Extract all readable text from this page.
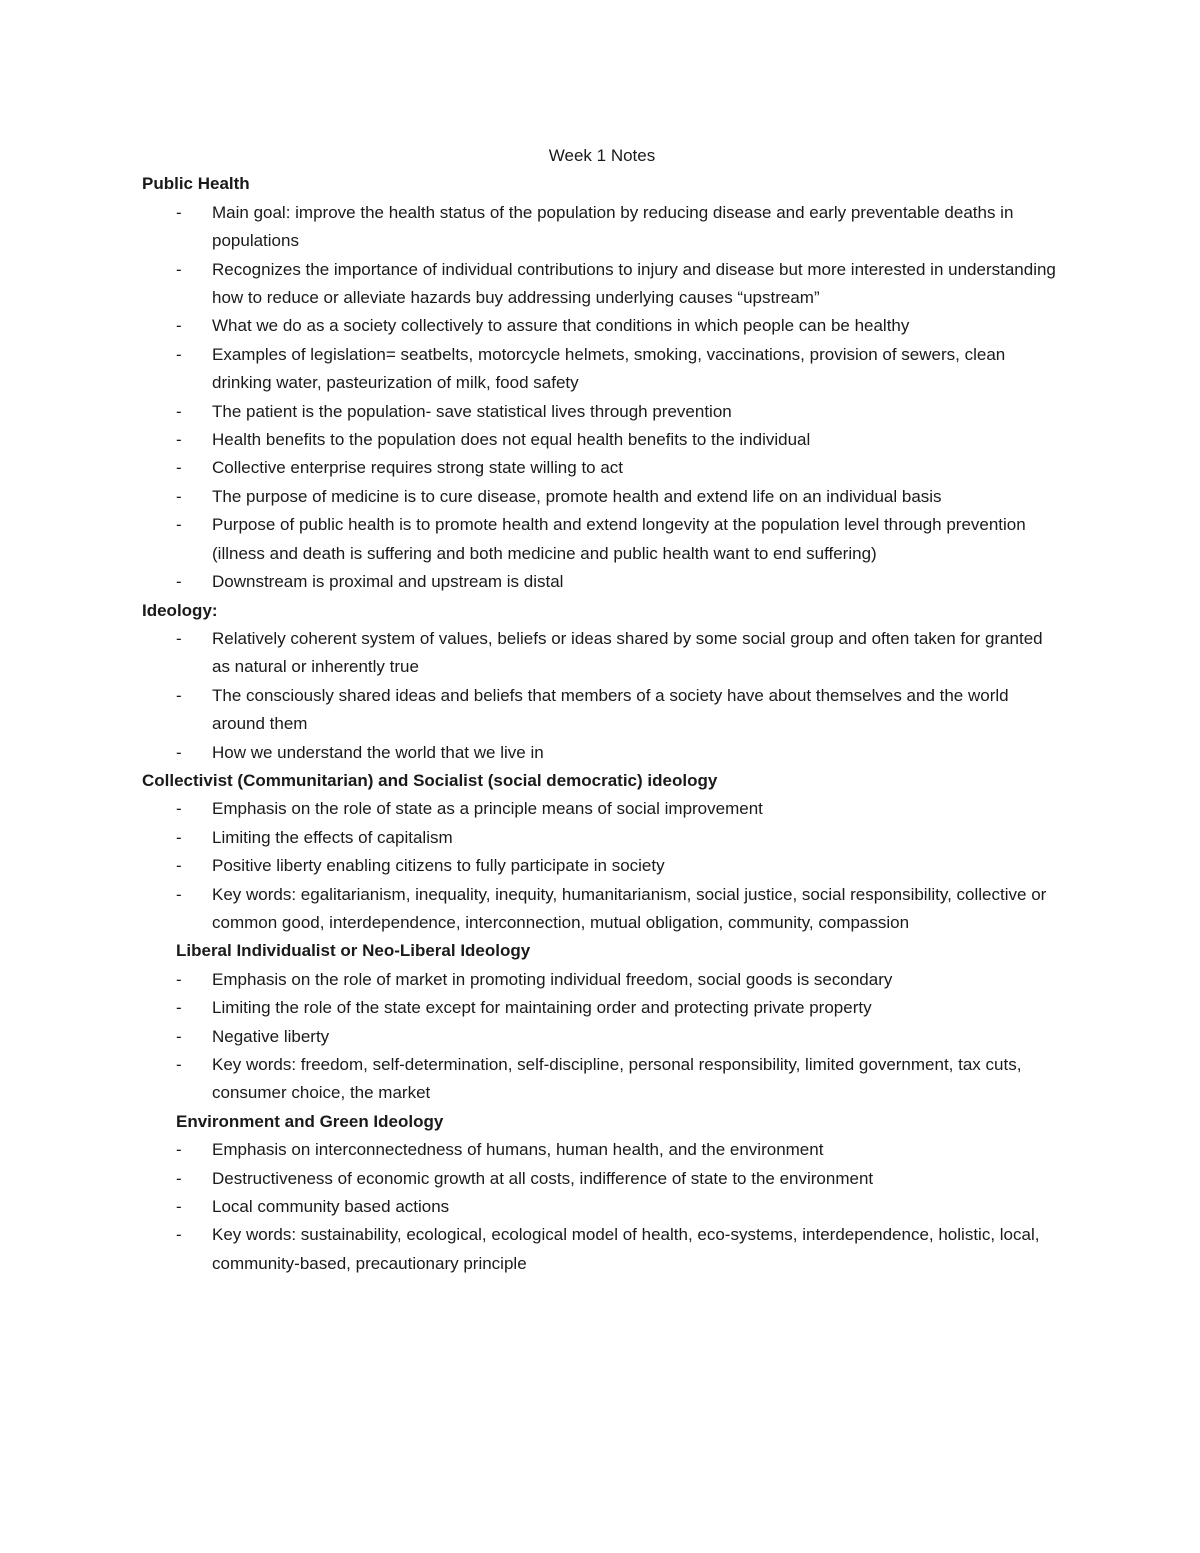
Week 1 Notes

Public Health

- Main goal: improve the health status of the population by reducing disease and early preventable deaths in populations
- Recognizes the importance of individual contributions to injury and disease but more interested in understanding how to reduce or alleviate hazards buy addressing underlying causes “upstream”
- What we do as a society collectively to assure that conditions in which people can be healthy
- Examples of legislation= seatbelts, motorcycle helmets, smoking, vaccinations, provision of sewers, clean drinking water, pasteurization of milk, food safety
- The patient is the population- save statistical lives through prevention
- Health benefits to the population does not equal health benefits to the individual
- Collective enterprise requires strong state willing to act
- The purpose of medicine is to cure disease, promote health and extend life on an individual basis
- Purpose of public health is to promote health and extend longevity at the population level through prevention (illness and death is suffering and both medicine and public health want to end suffering)
- Downstream is proximal and upstream is distal

Ideology:

- Relatively coherent system of values, beliefs or ideas shared by some social group and often taken for granted as natural or inherently true
- The consciously shared ideas and beliefs that members of a society have about themselves and the world around them
- How we understand the world that we live in

Collectivist (Communitarian) and Socialist (social democratic) ideology

- Emphasis on the role of state as a principle means of social improvement
- Limiting the effects of capitalism
- Positive liberty enabling citizens to fully participate in society
- Key words: egalitarianism, inequality, inequity, humanitarianism, social justice, social responsibility, collective or common good, interdependence, interconnection, mutual obligation, community, compassion

Liberal Individualist or Neo-Liberal Ideology

- Emphasis on the role of market in promoting individual freedom, social goods is secondary
- Limiting the role of the state except for maintaining order and protecting private property
- Negative liberty
- Key words: freedom, self-determination, self-discipline, personal responsibility, limited government, tax cuts, consumer choice, the market

Environment and Green Ideology

- Emphasis on interconnectedness of humans, human health, and the environment
- Destructiveness of economic growth at all costs, indifference of state to the environment
- Local community based actions
- Key words: sustainability, ecological, ecological model of health, eco-systems, interdependence, holistic, local, community-based, precautionary principle
